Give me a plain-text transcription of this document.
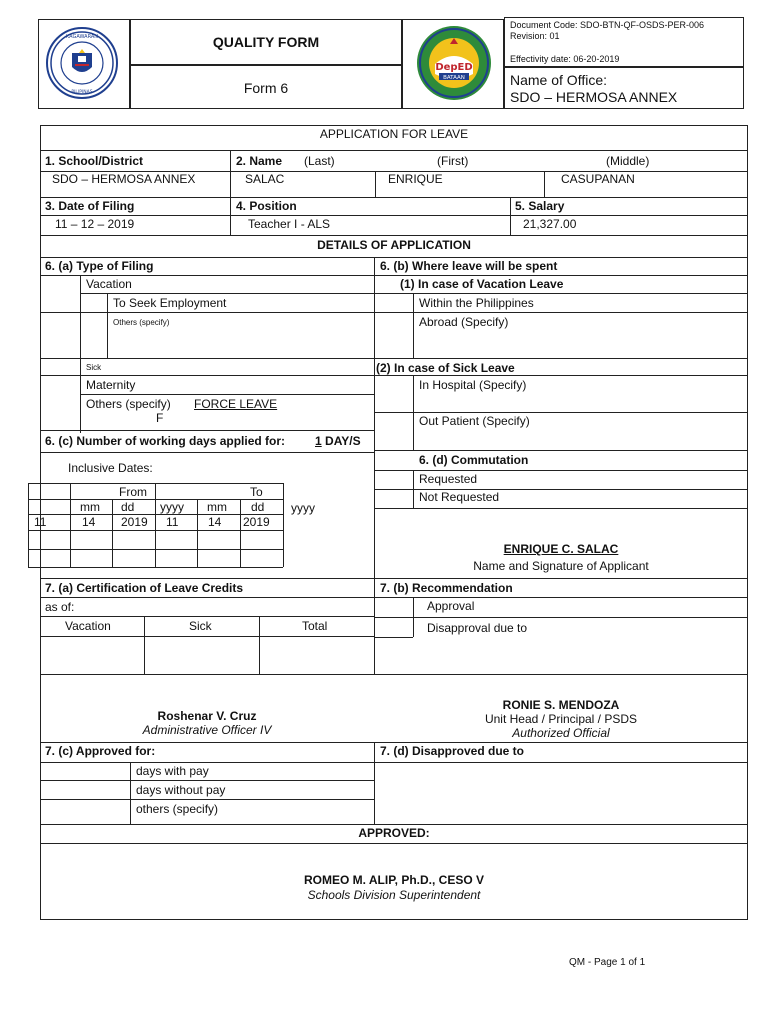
KAGAWARAN
PILIPINAS
QUALITY FORM
Form 6
DepED
BATAAN
Document Code: SDO-BTN-QF-OSDS-PER-006
Revision: 01
Effectivity date: 06-20-2019
Name of Office:
SDO – HERMOSA ANNEX
APPLICATION FOR LEAVE
1. School/District	2. Name (Last)	(First)	(Middle)
SDO – HERMOSA ANNEX	SALAC	ENRIQUE	CASUPANAN
3. Date of Filing	4. Position	5. Salary
11 – 12 – 2019	Teacher I - ALS	21,327.00
DETAILS OF APPLICATION
6. (a) Type of Filing	6. (b) Where leave will be spent
Vacation
To Seek Employment
Others (specify)
Sick
Maternity
Others (specify) FORCE LEAVE
F
(1) In case of Vacation Leave
Within the Philippines
Abroad (Specify)
(2) In case of Sick Leave
In Hospital (Specify)
Out Patient (Specify)
6. (c) Number of working days applied for: 1 DAY/S
Inclusive Dates:
From	To
mm dd yyyy mm dd yyyy
11	14 2019 11 14 2019
6. (d) Commutation
Requested
Not Requested
ENRIQUE C. SALAC
Name and Signature of Applicant
7. (a) Certification of Leave Credits	7. (b) Recommendation
as of:
Vacation	Sick	Total
Approval
Disapproval due to
Roshenar V. Cruz
Administrative Officer IV
RONIE S. MENDOZA
Unit Head / Principal / PSDS
Authorized Official
7. (c) Approved for:	7. (d) Disapproved due to
days with pay
days without pay
others (specify)
APPROVED:
ROMEO M. ALIP, Ph.D., CESO V
Schools Division Superintendent
QM - Page 1 of 1
